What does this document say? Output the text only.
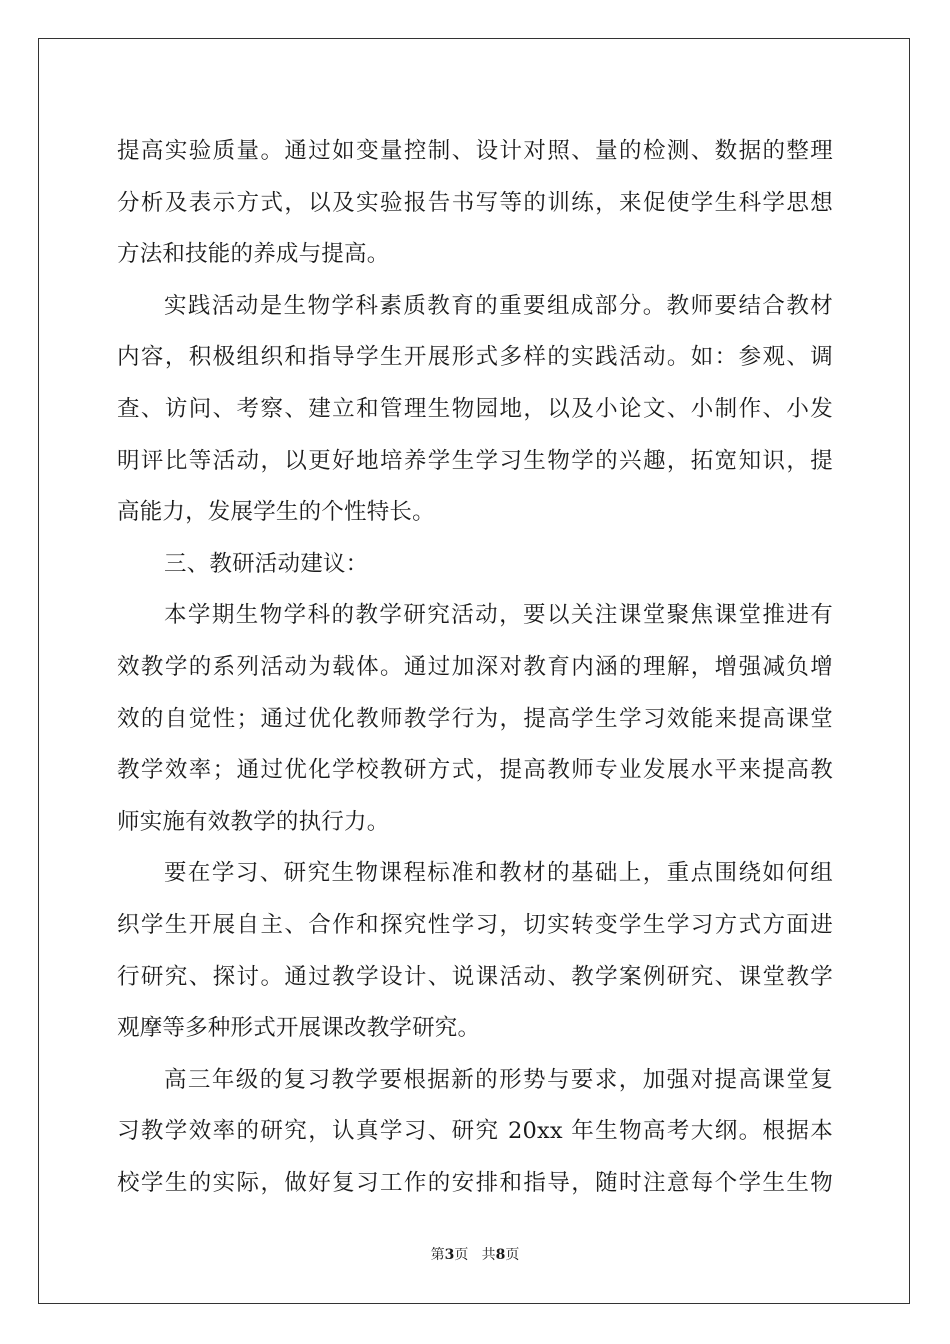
提高实验质量。通过如变量控制、设计对照、量的检测、数据的整理
分析及表示方式，以及实验报告书写等的训练，来促使学生科学思想
方法和技能的养成与提高。
实践活动是生物学科素质教育的重要组成部分。教师要结合教材
内容，积极组织和指导学生开展形式多样的实践活动。如：参观、调
查、访问、考察、建立和管理生物园地，以及小论文、小制作、小发
明评比等活动，以更好地培养学生学习生物学的兴趣，拓宽知识，提
高能力，发展学生的个性特长。
三、教研活动建议：
本学期生物学科的教学研究活动，要以关注课堂聚焦课堂推进有
效教学的系列活动为载体。通过加深对教育内涵的理解，增强减负增
效的自觉性；通过优化教师教学行为，提高学生学习效能来提高课堂
教学效率；通过优化学校教研方式，提高教师专业发展水平来提高教
师实施有效教学的执行力。
要在学习、研究生物课程标准和教材的基础上，重点围绕如何组
织学生开展自主、合作和探究性学习，切实转变学生学习方式方面进
行研究、探讨。通过教学设计、说课活动、教学案例研究、课堂教学
观摩等多种形式开展课改教学研究。
高三年级的复习教学要根据新的形势与要求，加强对提高课堂复
习教学效率的研究，认真学习、研究 20xx 年生物高考大纲。根据本
校学生的实际，做好复习工作的安排和指导，随时注意每个学生生物
第3页 共8页
